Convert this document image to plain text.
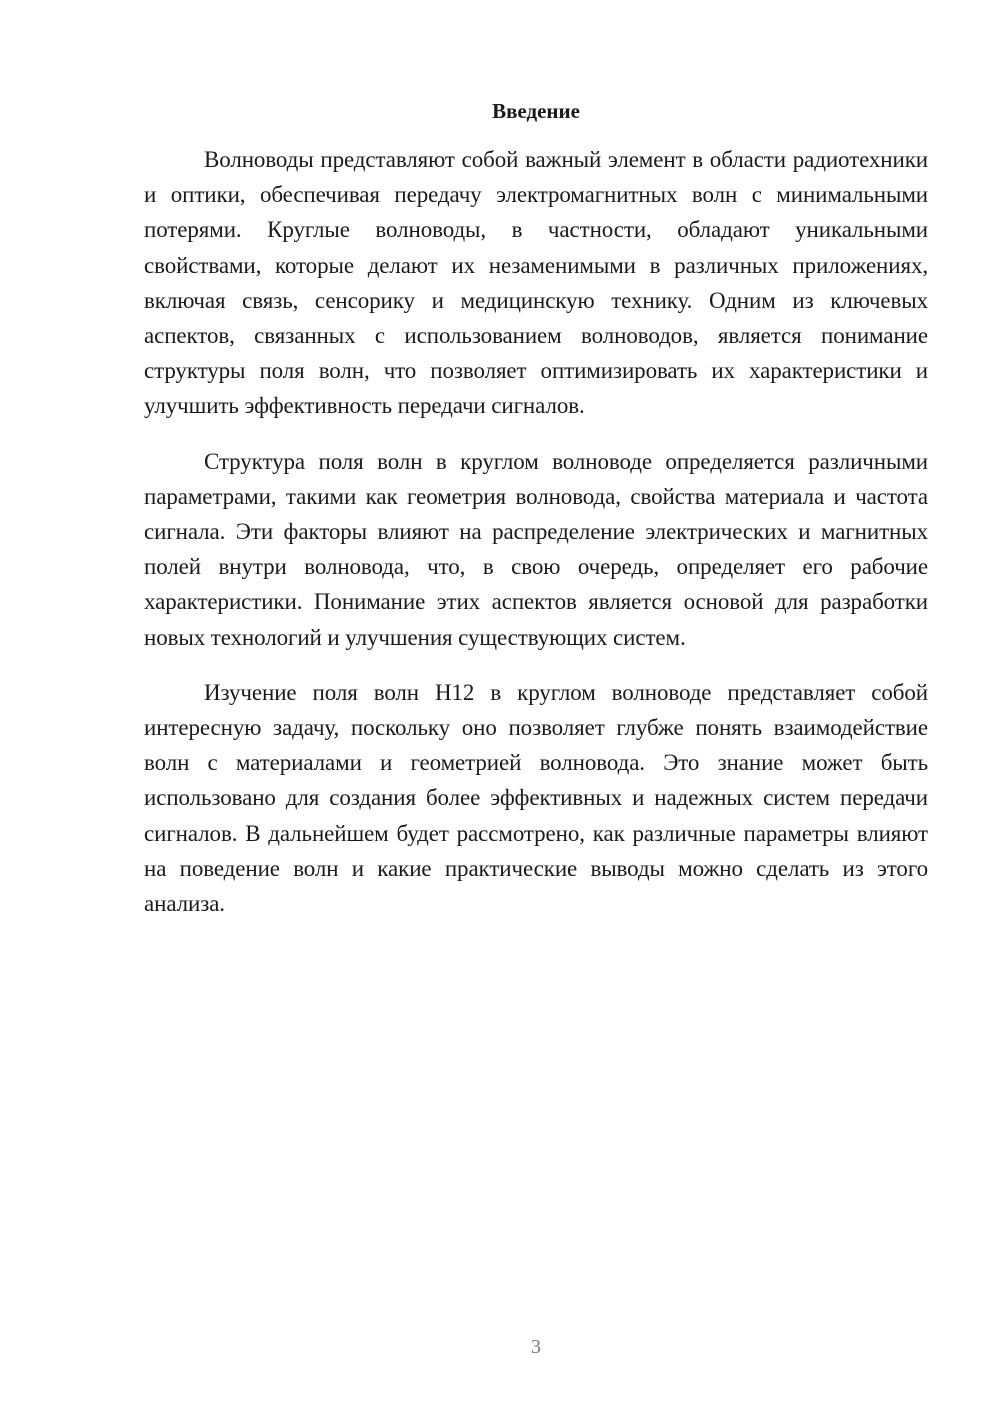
Введение

Волноводы представляют собой важный элемент в области радиотехники и оптики, обеспечивая передачу электромагнитных волн с минимальными потерями. Круглые волноводы, в частности, обладают уникальными свойствами, которые делают их незаменимыми в различных приложениях, включая связь, сенсорику и медицинскую технику. Одним из ключевых аспектов, связанных с использованием волноводов, является понимание структуры поля волн, что позволяет оптимизировать их характеристики и улучшить эффективность передачи сигналов.

Структура поля волн в круглом волноводе определяется различными параметрами, такими как геометрия волновода, свойства материала и частота сигнала. Эти факторы влияют на распределение электрических и магнитных полей внутри волновода, что, в свою очередь, определяет его рабочие характеристики. Понимание этих аспектов является основой для разработки новых технологий и улучшения существующих систем.

Изучение поля волн H12 в круглом волноводе представляет собой интересную задачу, поскольку оно позволяет глубже понять взаимодействие волн с материалами и геометрией волновода. Это знание может быть использовано для создания более эффективных и надежных систем передачи сигналов. В дальнейшем будет рассмотрено, как различные параметры влияют на поведение волн и какие практические выводы можно сделать из этого анализа.

3
